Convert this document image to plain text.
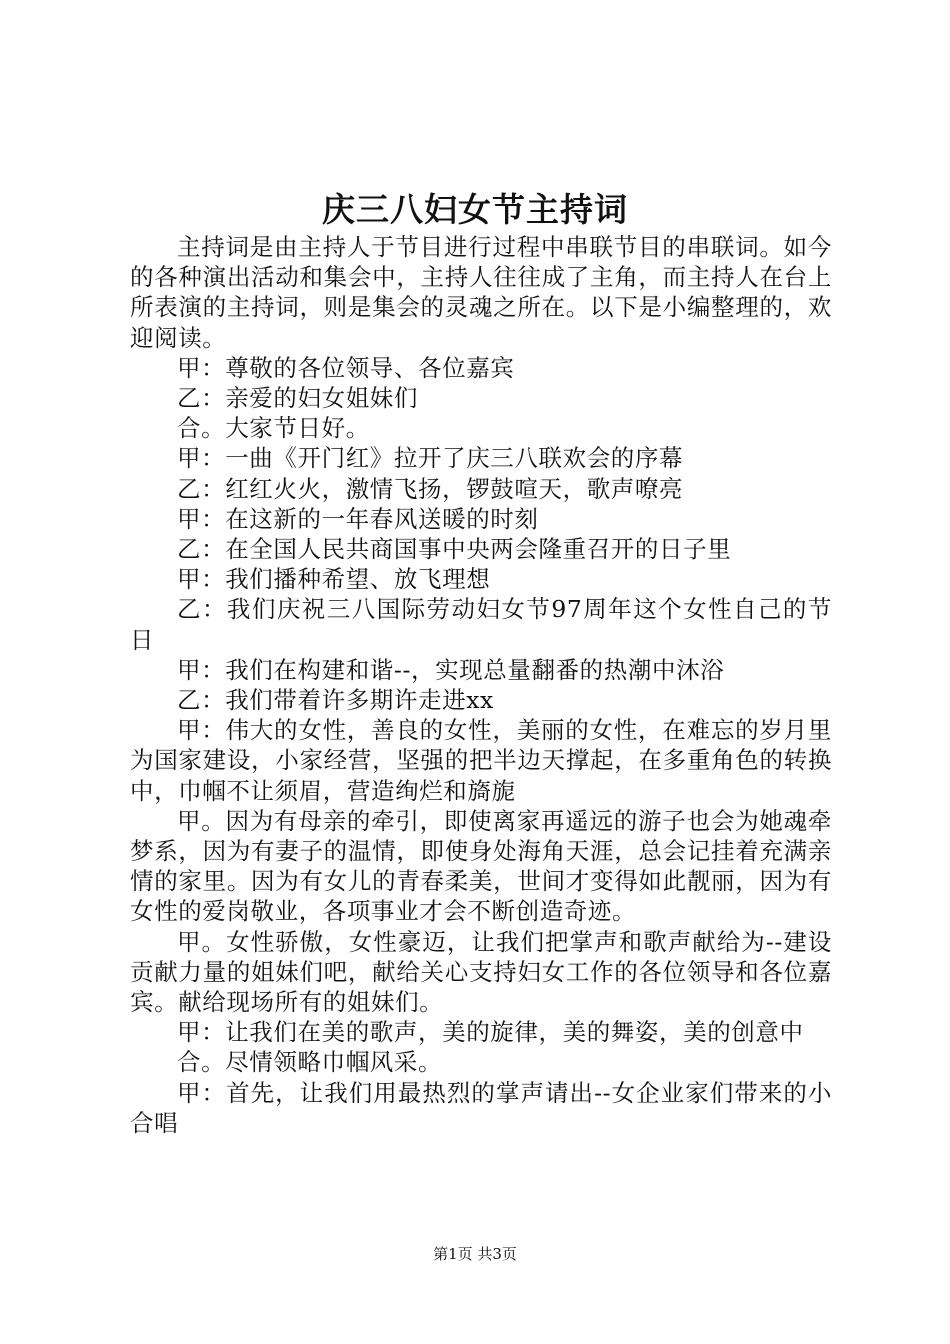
庆三八妇女节主持词

主持词是由主持人于节目进行过程中串联节目的串联词。如今的各种演出活动和集会中，主持人往往成了主角，而主持人在台上所表演的主持词，则是集会的灵魂之所在。以下是小编整理的，欢迎阅读。

甲：尊敬的各位领导、各位嘉宾

乙：亲爱的妇女姐妹们

合。大家节日好。

甲：一曲《开门红》拉开了庆三八联欢会的序幕

乙：红红火火，激情飞扬，锣鼓喧天，歌声嘹亮

甲：在这新的一年春风送暖的时刻

乙：在全国人民共商国事中央两会隆重召开的日子里

甲：我们播种希望、放飞理想

乙：我们庆祝三八国际劳动妇女节97周年这个女性自己的节日

甲：我们在构建和谐--，实现总量翻番的热潮中沐浴

乙：我们带着许多期许走进xx

甲：伟大的女性，善良的女性，美丽的女性，在难忘的岁月里为国家建设，小家经营，坚强的把半边天撑起，在多重角色的转换中，巾帼不让须眉，营造绚烂和旖旎

甲。因为有母亲的牵引，即使离家再遥远的游子也会为她魂牵梦系，因为有妻子的温情，即使身处海角天涯，总会记挂着充满亲情的家里。因为有女儿的青春柔美，世间才变得如此靓丽，因为有女性的爱岗敬业，各项事业才会不断创造奇迹。

甲。女性骄傲，女性豪迈，让我们把掌声和歌声献给为--建设贡献力量的姐妹们吧，献给关心支持妇女工作的各位领导和各位嘉宾。献给现场所有的姐妹们。

甲：让我们在美的歌声，美的旋律，美的舞姿，美的创意中

合。尽情领略巾帼风采。

甲：首先，让我们用最热烈的掌声请出--女企业家们带来的小合唱

第1页 共3页
